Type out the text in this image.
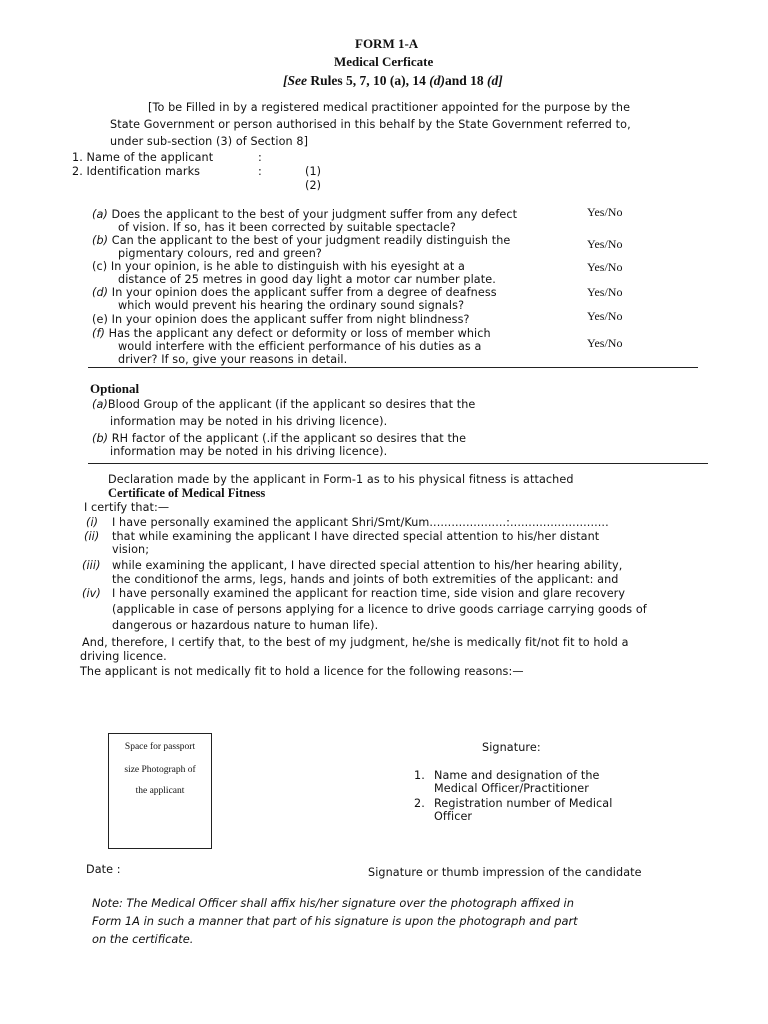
FORM 1-A
Medical Cerficate
[See Rules 5, 7, 10 (a), 14 (d)and 18 (d]
[To be Filled in by a registered medical practitioner appointed for the purpose by the
State Government or person authorised in this behalf by the State Government referred to,
under sub-section (3) of Section 8]
1. Name of the applicant	:
2. Identification marks	:	(1)
(2)
(a) Does the applicant to the best of your judgment suffer from any defect
of vision. If so, has it been corrected by suitable spectacle?
Yes/No
(b) Can the applicant to the best of your judgment readily distinguish the
pigmentary colours, red and green?
Yes/No
(c) In your opinion, is he able to distinguish with his eyesight at a
distance of 25 metres in good day light a motor car number plate.
Yes/No
(d) In your opinion does the applicant suffer from a degree of deafness
which would prevent his hearing the ordinary sound signals?
Yes/No
(e) In your opinion does the applicant suffer from night blindness?	Yes/No
(f) Has the applicant any defect or deformity or loss of member which
would interfere with the efficient performance of his duties as a
driver? If so, give your reasons in detail.
Yes/No
Optional
(a)Blood Group of the applicant (if the applicant so desires that the
information may be noted in his driving licence).
(b) RH factor of the applicant (.if the applicant so desires that the
information may be noted in his driving licence).
Declaration made by the applicant in Form-1 as to his physical fitness is attached
Certificate of Medical Fitness
I certify that:—
(i) I have personally examined the applicant Shri/Smt/Kum.....................:...........................
(ii) that while examining the applicant I have directed special attention to his/her distant
vision;
(iii) while examining the applicant, I have directed special attention to his/her hearing ability,
the conditionof the arms, legs, hands and joints of both extremities of the applicant: and
(iv) I have personally examined the applicant for reaction time, side vision and glare recovery
(applicable in case of persons applying for a licence to drive goods carriage carrying goods of
dangerous or hazardous nature to human life).
And, therefore, I certify that, to the best of my judgment, he/she is medically fit/not fit to hold a
driving licence.
The applicant is not medically fit to hold a licence for the following reasons:—
Space for passport
size Photograph of
the applicant
Signature:
1. Name and designation of the
Medical Officer/Practitioner
2. Registration number of Medical
Officer
Date :	Signature or thumb impression of the candidate
Note: The Medical Officer shall affix his/her signature over the photograph affixed in
Form 1A in such a manner that part of his signature is upon the photograph and part
on the certificate.
